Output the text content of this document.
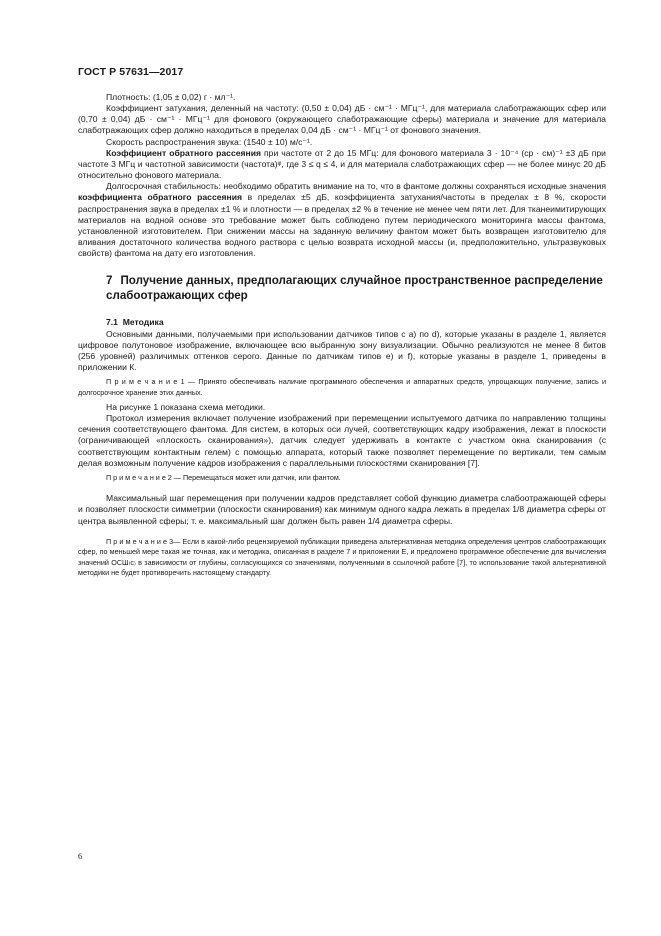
ГОСТ Р 57631—2017

Плотность: (1,05 ± 0,02) г · мл⁻¹.

Коэффициент затухания, деленный на частоту: (0,50 ± 0,04) дБ · см⁻¹ · МГц⁻¹, для материала слаботражающих сфер или (0,70 ± 0,04) дБ · см⁻¹ · МГц⁻¹ для фонового (окружающего слаботражающие сферы) материала и значение для материала слаботражающих сфер должно находиться в пределах 0,04 дБ · см⁻¹ · МГц⁻¹ от фонового значения.

Скорость распространения звука: (1540 ± 10) м/с⁻¹.

Коэффициент обратного рассеяния при частоте от 2 до 15 МГц: для фонового материала 3 · 10⁻⁴ (ср · см)⁻¹ ±3 дБ при частоте 3 МГц и частотной зависимости (частота)ᵠ, где 3 ≤ q ≤ 4, и для материала слаботражающих сфер — не более минус 20 дБ относительно фонового материала.

Долгосрочная стабильность: необходимо обратить внимание на то, что в фантоме должны сохраняться исходные значения коэффициента обратного рассеяния в пределах ±5 дБ, коэффициента затухания/частоты в пределах ± 8 %, скорости распространения звука в пределах ±1 % и плотности — в пределах ±2 % в течение не менее чем пяти лет. Для тканеимитирующих материалов на водной основе это требование может быть соблюдено путем периодического мониторинга массы фантома, установленной изготовителем. При снижении массы на заданную величину фантом может быть возвращен изготовителю для вливания достаточного количества водного раствора с целью возврата исходной массы (и, предположительно, ультразвуковых свойств) фантома на дату его изготовления.

7 Получение данных, предполагающих случайное пространственное распределение слабоотражающих сфер

7.1 Методика

Основными данными, получаемыми при использовании датчиков типов с а) по d), которые указаны в разделе 1, является цифровое полутоновое изображение, включающее всю выбранную зону визуализации. Обычно реализуются не менее 8 битов (256 уровней) различимых оттенков серого. Данные по датчикам типов е) и f), которые указаны в разделе 1, приведены в приложении К.

П р и м е ч а н и е 1 — Принято обеспечивать наличие программного обеспечения и аппаратных средств, упрощающих получение, запись и долгосрочное хранение этих данных.

На рисунке 1 показана схема методики.

Протокол измерения включает получение изображений при перемещении испытуемого датчика по направлению толщины сечения соответствующего фантома. Для систем, в которых оси лучей, соответствующих кадру изображения, лежат в плоскости (ограничивающей «плоскость сканирования»), датчик следует удерживать в контакте с участком окна сканирования (с соответствующим контактным гелем) с помощью аппарата, который также позволяет перемещение по вертикали, тем самым делая возможным получение кадров изображения с параллельными плоскостями сканирования [7].

П р и м е ч а н и е 2 — Перемещаться может или датчик, или фантом.

Максимальный шаг перемещения при получении кадров представляет собой функцию диаметра слабоотражающей сферы и позволяет плоскости симметрии (плоскости сканирования) как минимум одного кадра лежать в пределах 1/8 диаметра сферы от центра выявленной сферы; т. е. максимальный шаг должен быть равен 1/4 диаметра сферы.

П р и м е ч а н и е 3— Если в какой-либо рецензируемой публикации приведена альтернативная методика определения центров слабоотражающих сфер, по меньшей мере такая же точная, как и методика, описанная в разделе 7 и приложении Е, и предложено программное обеспечение для вычисления значений OCШ₍c₎ в зависимости от глубины, согласующихся со значениями, полученными в ссылочной работе [7], то использование такой альтернативной методики не будет противоречить настоящему стандарту.

6
